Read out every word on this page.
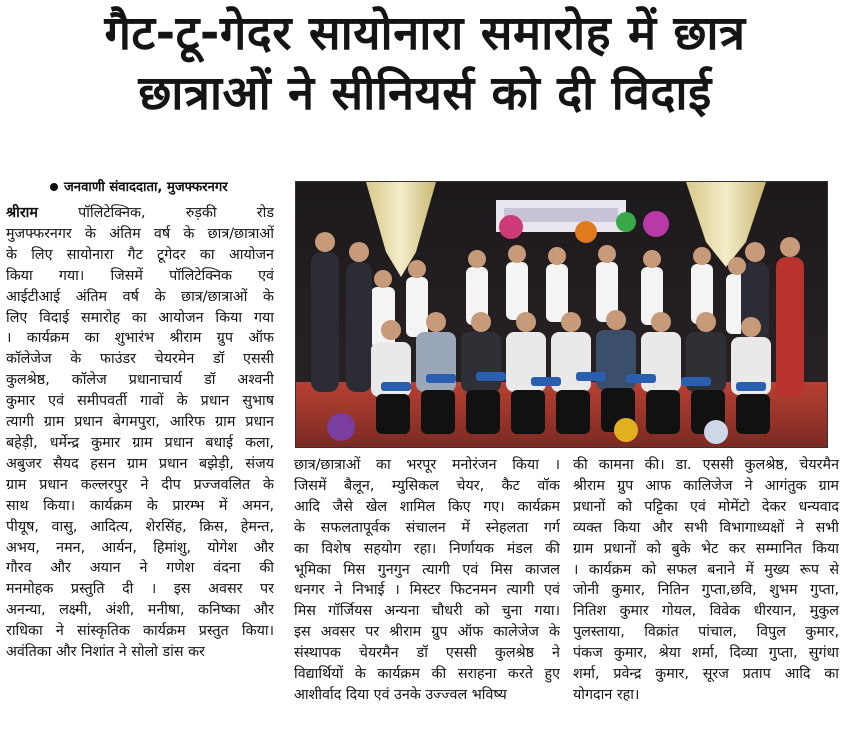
गैट-टू-गेदर सायोनारा समारोह में छात्र
छात्राओं ने सीनियर्स को दी विदाई
जनवाणी संवाददाता, मुजफ्फरनगर

श्रीराम पॉलिटेक्निक, रुड़की रोड
मुजफ्फरनगर के अंतिम वर्ष के छात्र/छात्राओं
के लिए सायोनारा गैट टूगेदर का आयोजन
किया गया। जिसमें पॉलिटेक्निक एवं
आईटीआई अंतिम वर्ष के छात्र/छात्राओं के
लिए विदाई समारोह का आयोजन किया गया
। कार्यक्रम का शुभारंभ श्रीराम ग्रुप ऑफ
कॉलेजेज के फाउंडर चेयरमेन डॉ एससी
कुलश्रेष्ठ, कॉलेज प्रधानाचार्य डॉ अश्वनी
कुमार एवं समीपवर्ती गावों के प्रधान सुभाष
त्यागी ग्राम प्रधान बेगमपुरा, आरिफ ग्राम प्रधान
बहेड़ी, धर्मेन्द्र कुमार ग्राम प्रधान बधाई कला,
अबुजर सैयद हसन ग्राम प्रधान बझेड़ी, संजय
ग्राम प्रधान कल्लरपुर ने दीप प्रज्जवलित के
साथ किया। कार्यक्रम के प्रारम्भ में अमन,
पीयूष, वासु, आदित्य, शेरसिंह, क्रिस, हेमन्त,
अभय, नमन, आर्यन, हिमांशु, योगेश और
गौरव और अयान ने गणेश वंदना की
मनमोहक प्रस्तुति दी । इस अवसर पर
अनन्या, लक्ष्मी, अंशी, मनीषा, कनिष्का और
राधिका ने सांस्कृतिक कार्यक्रम प्रस्तुत किया।
अवंतिका और निशांत ने सोलो डांस कर

छात्र/छात्राओं का भरपूर मनोरंजन किया ।
जिसमें बैलून, म्युसिकल चेयर, कैट वॉक
आदि जैसे खेल शामिल किए गए। कार्यक्रम
के सफलतापूर्वक संचालन में स्नेहलता गर्ग
का विशेष सहयोग रहा। निर्णायक मंडल की
भूमिका मिस गुनगुन त्यागी एवं मिस काजल
धनगर ने निभाई । मिस्टर फिटनमन त्यागी एवं
मिस गॉर्जियस अन्यना चौधरी को चुना गया।
इस अवसर पर श्रीराम ग्रुप ऑफ कालेजेज के
संस्थापक चेयरमैन डॉ एससी कुलश्रेष्ठ ने
विद्यार्थियों के कार्यक्रम की सराहना करते हुए
आशीर्वाद दिया एवं उनके उज्ज्वल भविष्य

की कामना की। डा. एससी कुलश्रेष्ठ, चेयरमैन
श्रीराम ग्रुप आफ कालिजेज ने आगंतुक ग्राम
प्रधानों को पट्टिका एवं मोमेंटो देकर धन्यवाद
व्यक्त किया और सभी विभागाध्यक्षों ने सभी
ग्राम प्रधानों को बुके भेट कर सम्मानित किया
। कार्यक्रम को सफल बनाने में मुख्य रूप से
जोनी कुमार, नितिन गुप्ता,छवि, शुभम गुप्ता,
नितिश कुमार गोयल, विवेक धीरयान, मुकुल
पुलस्ताया, विक्रांत पांचाल, विपुल कुमार,
पंकज कुमार, श्रेया शर्मा, दिव्या गुप्ता, सुगंधा
शर्मा, प्रवेन्द्र कुमार, सूरज प्रताप आदि का
योगदान रहा।
